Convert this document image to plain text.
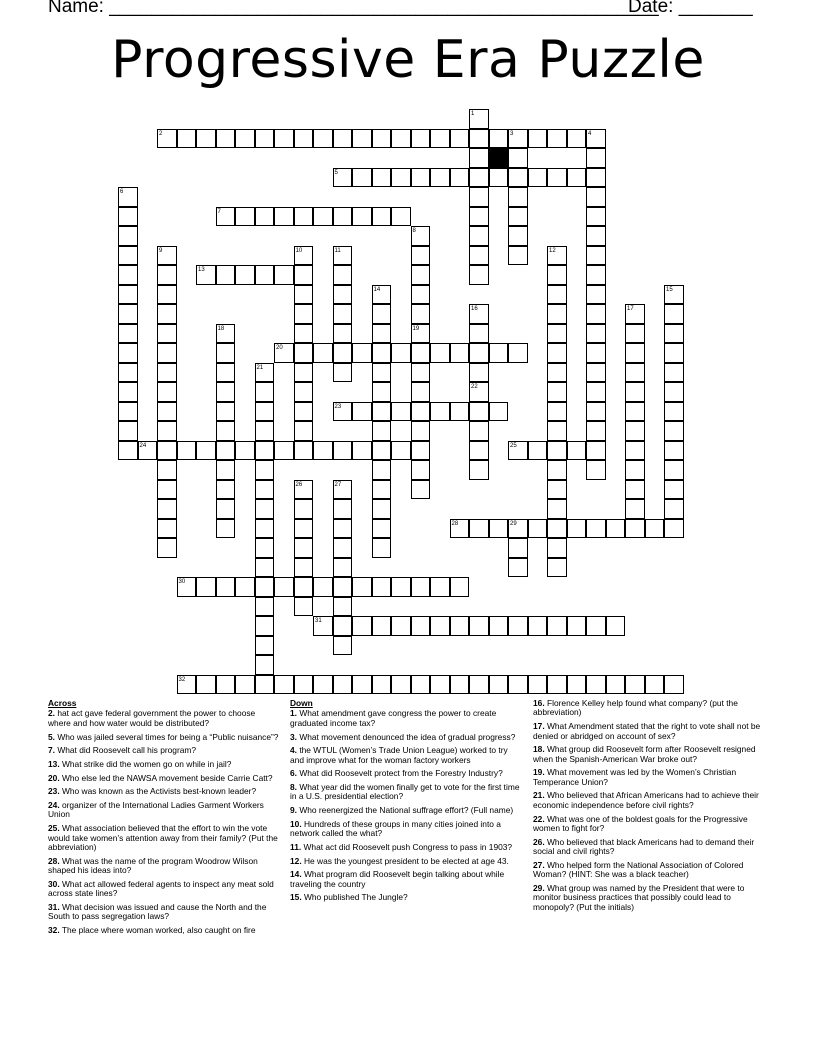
Name: ____________________________________________________
Date: _______
Progressive Era Puzzle
1
2	3	4
5
6
7
8
9	10	11	12
13
14	15
16
22
17
18	19
20
21
23
24	25
26	27
28	29
30
31
32
Across
2. hat act gave federal government the power to choose where and how water would be distributed?
5. Who was jailed several times for being a “Public nuisance”?
7. What did Roosevelt call his program?
13. What strike did the women go on while in jail?
20. Who else led the NAWSA movement beside Carrie Catt?
23. Who was known as the Activists best-known leader?
24. organizer of the International Ladies Garment Workers Union
25. What association believed that the effort to win the vote would take women’s attention away from their family? (Put the abbreviation)
28. What was the name of the program Woodrow Wilson shaped his ideas into?
30. What act allowed federal agents to inspect any meat sold across state lines?
31. What decision was issued and cause the North and the South to pass segregation laws?
32. The place where woman worked, also caught on fire
Down
1. What amendment gave congress the power to create graduated income tax?
3. What movement denounced the idea of gradual progress?
4. the WTUL (Women’s Trade Union League) worked to try and improve what for the woman factory workers
6. What did Roosevelt protect from the Forestry Industry?
8. What year did the women finally get to vote for the first time in a U.S. presidential election?
9. Who reenergized the National suffrage effort? (Full name)
10. Hundreds of these groups in many cities joined into a network called the what?
11. What act did Roosevelt push Congress to pass in 1903?
12. He was the youngest president to be elected at age 43.
14. What program did Roosevelt begin talking about while traveling the country
15. Who published The Jungle?
16. Florence Kelley help found what company? (put the abbreviation)
17. What Amendment stated that the right to vote shall not be denied or abridged on account of sex?
18. What group did Roosevelt form after Roosevelt resigned when the Spanish-American War broke out?
19. What movement was led by the Women’s Christian Temperance Union?
21. Who believed that African Americans had to achieve their economic independence before civil rights?
22. What was one of the boldest goals for the Progressive women to fight for?
26. Who believed that black Americans had to demand their social and civil rights?
27. Who helped form the National Association of Colored Woman? (HINT: She was a black teacher)
29. What group was named by the President that were to monitor business practices that possibly could lead to monopoly? (Put the initials)
